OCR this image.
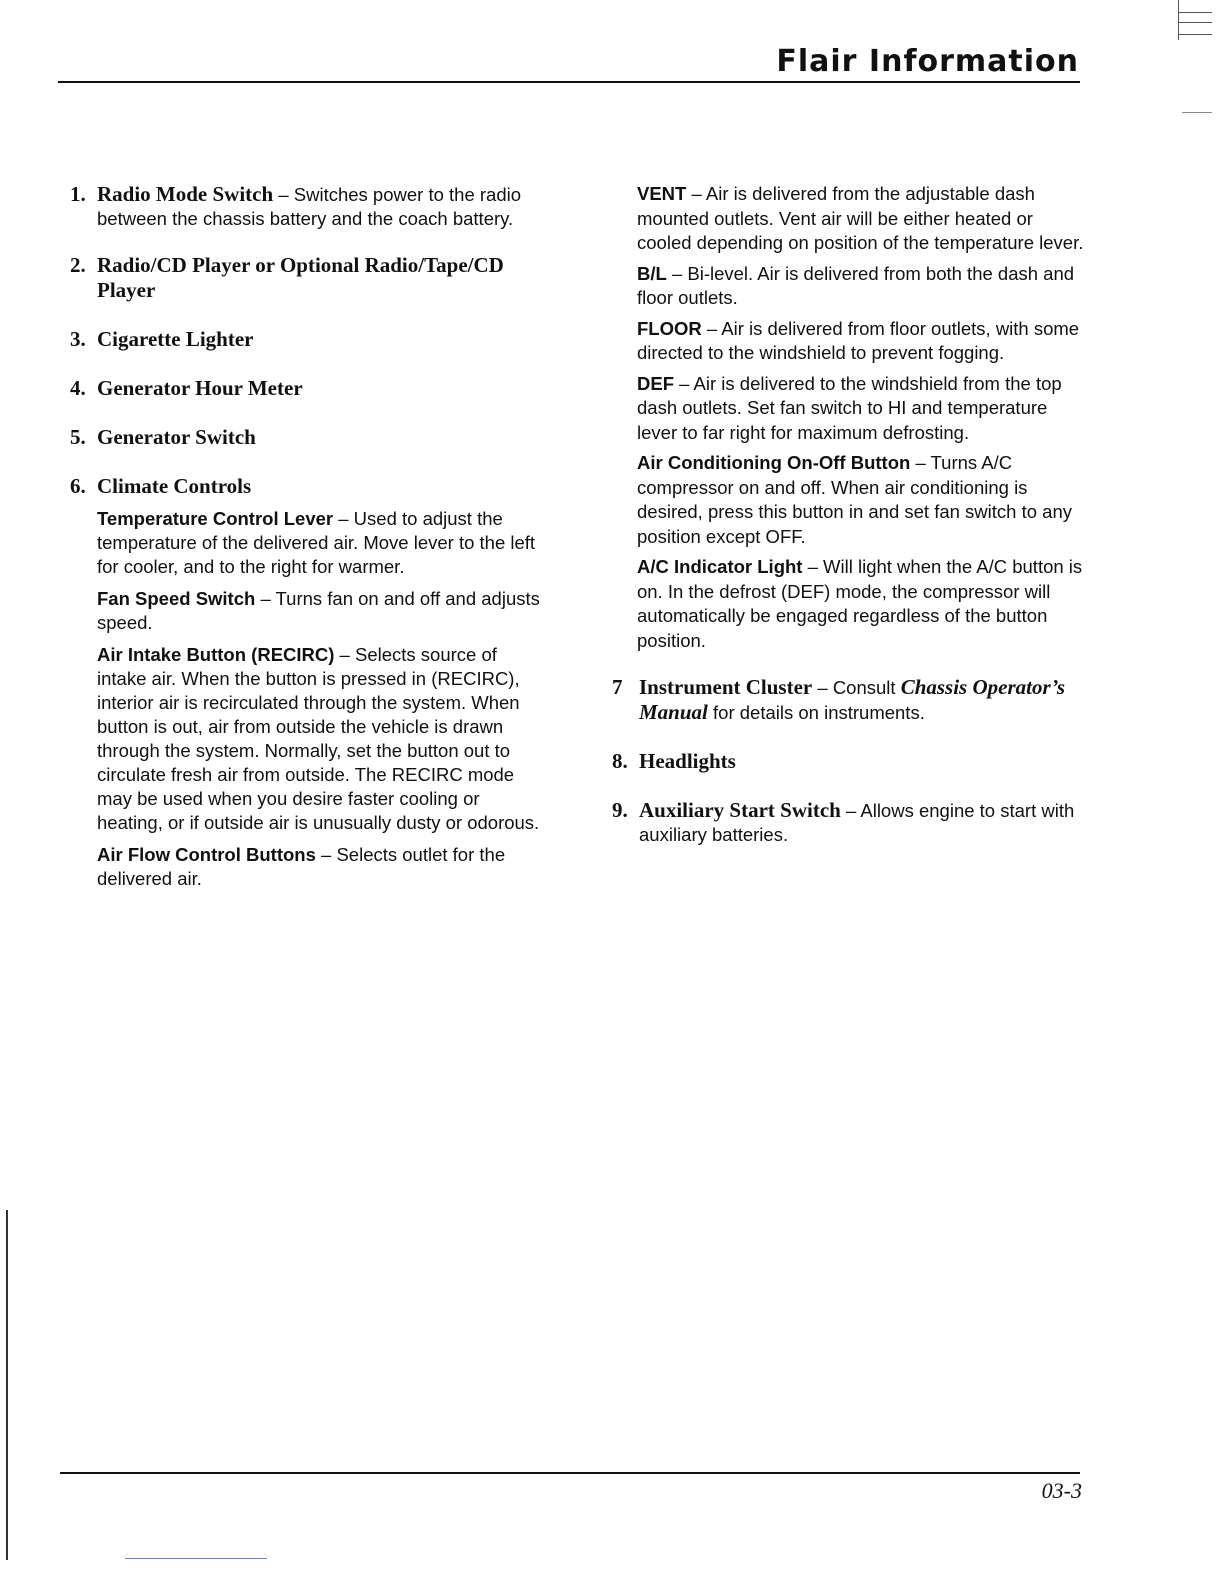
Flair Information
1. Radio Mode Switch – Switches power to the radio between the chassis battery and the coach battery.
2. Radio/CD Player or Optional Radio/Tape/CD Player
3. Cigarette Lighter
4. Generator Hour Meter
5. Generator Switch
6. Climate Controls
Temperature Control Lever – Used to adjust the temperature of the delivered air. Move lever to the left for cooler, and to the right for warmer.
Fan Speed Switch – Turns fan on and off and adjusts speed.
Air Intake Button (RECIRC) – Selects source of intake air. When the button is pressed in (RECIRC), interior air is recirculated through the system. When button is out, air from outside the vehicle is drawn through the system. Normally, set the button out to circulate fresh air from outside. The RECIRC mode may be used when you desire faster cooling or heating, or if outside air is unusually dusty or odorous.
Air Flow Control Buttons – Selects outlet for the delivered air.
VENT – Air is delivered from the adjustable dash mounted outlets. Vent air will be either heated or cooled depending on position of the temperature lever.
B/L – Bi-level. Air is delivered from both the dash and floor outlets.
FLOOR – Air is delivered from floor outlets, with some directed to the windshield to prevent fogging.
DEF – Air is delivered to the windshield from the top dash outlets. Set fan switch to HI and temperature lever to far right for maximum defrosting.
Air Conditioning On-Off Button – Turns A/C compressor on and off. When air conditioning is desired, press this button in and set fan switch to any position except OFF.
A/C Indicator Light – Will light when the A/C button is on. In the defrost (DEF) mode, the compressor will automatically be engaged regardless of the button position.
7 Instrument Cluster – Consult Chassis Operator’s Manual for details on instruments.
8. Headlights
9. Auxiliary Start Switch – Allows engine to start with auxiliary batteries.
03-3
